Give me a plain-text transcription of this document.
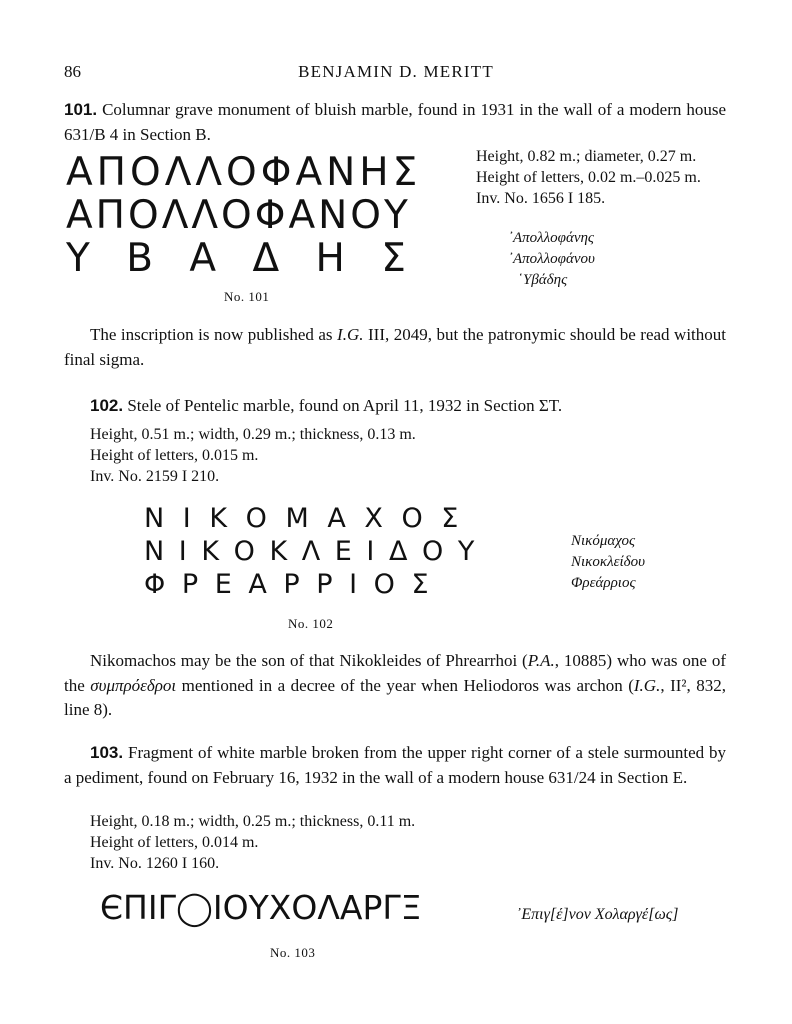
86	BENJAMIN D. MERITT
101. Columnar grave monument of bluish marble, found in 1931 in the wall of a modern house 631/B 4 in Section B.

ΑΠΟΛΛΟΦΑΝΗΣ

ΑΠΟΛΛΟΦΑΝΟΥ

Υ Β Α Δ Η Σ

Height, 0.82 m.; diameter, 0.27 m.
Height of letters, 0.02 m.–0.025 m.
Inv. No. 1656 I 185.
᾿Απολλοφάνης
᾿Απολλοφάνου
῾Υβάδης
No. 101
The inscription is now published as I.G. III, 2049, but the patronymic should be read without final sigma.
102. Stele of Pentelic marble, found on April 11, 1932 in Section ΣΤ.
Height, 0.51 m.; width, 0.29 m.; thickness, 0.13 m.
Height of letters, 0.015 m.
Inv. No. 2159 I 210.

Ν Ι Κ Ο Μ Α Χ Ο Σ

Ν Ι Κ Ο Κ Λ Ε Ι Δ Ο Υ

Φ Ρ Ε Α Ρ Ρ Ι Ο Σ

Νικόμαχος
Νικοκλείδου
Φρεάρριος
No. 102
Nikomachos may be the son of that Nikokleides of Phrearrhoi (P.A., 10885) who was one of the συμπρόεδροι mentioned in a decree of the year when Heliodoros was archon (I.G., II², 832, line 8).
103. Fragment of white marble broken from the upper right corner of a stele surmounted by a pediment, found on February 16, 1932 in the wall of a modern house 631/24 in Section E.
Height, 0.18 m.; width, 0.25 m.; thickness, 0.11 m.
Height of letters, 0.014 m.
Inv. No. 1260 I 160.

ЄΠΙΓ◯ΙΟΥΧΟΛΑΡΓΞ	᾿Επιγ[έ]νον Χολαργέ[ως]
No. 103
